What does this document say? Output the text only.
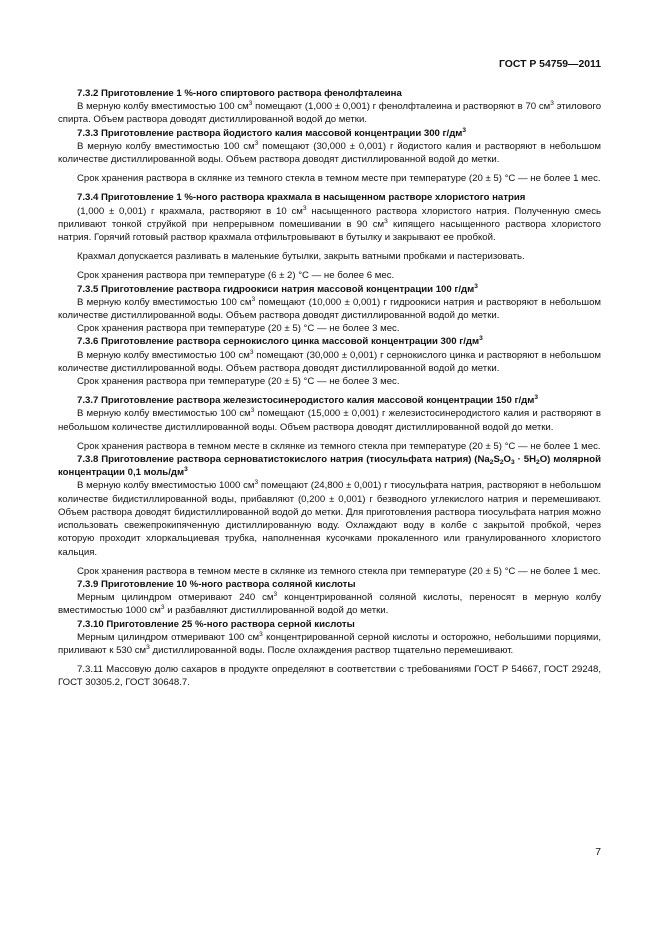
ГОСТ Р 54759—2011

7.3.2 Приготовление 1 %-ного спиртового раствора фенолфталеина

В мерную колбу вместимостью 100 $см^3$ помещают (1,000 ± 0,001) г фенолфталеина и растворяют в 70 $см^3$ этилового спирта. Объем раствора доводят дистиллированной водой до метки.

7.3.3 Приготовление раствора йодистого калия массовой концентрации 300 $г/дм^3$

В мерную колбу вместимостью 100 $см^3$ помещают (30,000 ± 0,001) г йодистого калия и растворяют в небольшом количестве дистиллированной воды. Объем раствора доводят дистиллированной водой до метки.

Срок хранения раствора в склянке из темного стекла в темном месте при температуре (20 ± 5) °С — не более 1 мес.

7.3.4 Приготовление 1 %-ного раствора крахмала в насыщенном растворе хлористого натрия

(1,000 ± 0,001) г крахмала, растворяют в 10 $см^3$ насыщенного раствора хлористого натрия. Полученную смесь приливают тонкой струйкой при непрерывном помешивании в 90 $см^3$ кипящего насыщенного раствора хлористого натрия. Горячий готовый раствор крахмала отфильтровывают в бутылку и закрывают ее пробкой.

Крахмал допускается разливать в маленькие бутылки, закрыть ватными пробками и пастеризовать.

Срок хранения раствора при температуре (6 ± 2) °С — не более 6 мес.

7.3.5 Приготовление раствора гидроокиси натрия массовой концентрации 100 $г/дм^3$

В мерную колбу вместимостью 100 $см^3$ помещают (10,000 ± 0,001) г гидроокиси натрия и растворяют в небольшом количестве дистиллированной воды. Объем раствора доводят дистиллированной водой до метки.

Срок хранения раствора при температуре (20 ± 5) °С — не более 3 мес.

7.3.6 Приготовление раствора сернокислого цинка массовой концентрации 300 $г/дм^3$

В мерную колбу вместимостью 100 $см^3$ помещают (30,000 ± 0,001) г сернокислого цинка и растворяют в небольшом количестве дистиллированной воды. Объем раствора доводят дистиллированной водой до метки.

Срок хранения раствора при температуре (20 ± 5) °С — не более 3 мес.

7.3.7 Приготовление раствора железистосинеродистого калия массовой концентрации 150 $г/дм^3$

В мерную колбу вместимостью 100 $см^3$ помещают (15,000 ± 0,001) г железистосинеродистого калия и растворяют в небольшом количестве дистиллированной воды. Объем раствора доводят дистиллированной водой до метки.

Срок хранения раствора в темном месте в склянке из темного стекла при температуре (20 ± 5) °С — не более 1 мес.

7.3.8 Приготовление раствора серноватистокислого натрия (тиосульфата натрия) $(Na_2S_2O_3 \cdot 5H_2O)$ молярной концентрации 0,1 моль/$дм^3$

В мерную колбу вместимостью 1000 $см^3$ помещают (24,800 ± 0,001) г тиосульфата натрия, растворяют в небольшом количестве бидистиллированной воды, прибавляют (0,200 ± 0,001) г безводного углекислого натрия и перемешивают. Объем раствора доводят бидистиллированной водой до метки. Для приготовления раствора тиосульфата натрия можно использовать свежепрокипяченную дистиллированную воду. Охлаждают воду в колбе с закрытой пробкой, через которую проходит хлоркальциевая трубка, наполненная кусочками прокаленного или гранулированного хлористого кальция.

Срок хранения раствора в темном месте в склянке из темного стекла при температуре (20 ± 5) °С — не более 1 мес.

7.3.9 Приготовление 10 %-ного раствора соляной кислоты

Мерным цилиндром отмеривают 240 $см^3$ концентрированной соляной кислоты, переносят в мерную колбу вместимостью 1000 $см^3$ и разбавляют дистиллированной водой до метки.

7.3.10 Приготовление 25 %-ного раствора серной кислоты

Мерным цилиндром отмеривают 100 $см^3$ концентрированной серной кислоты и осторожно, небольшими порциями, приливают к 530 $см^3$ дистиллированной воды. После охлаждения раствор тщательно перемешивают.

7.3.11 Массовую долю сахаров в продукте определяют в соответствии с требованиями ГОСТ Р 54667, ГОСТ 29248, ГОСТ 30305.2, ГОСТ 30648.7.

7
